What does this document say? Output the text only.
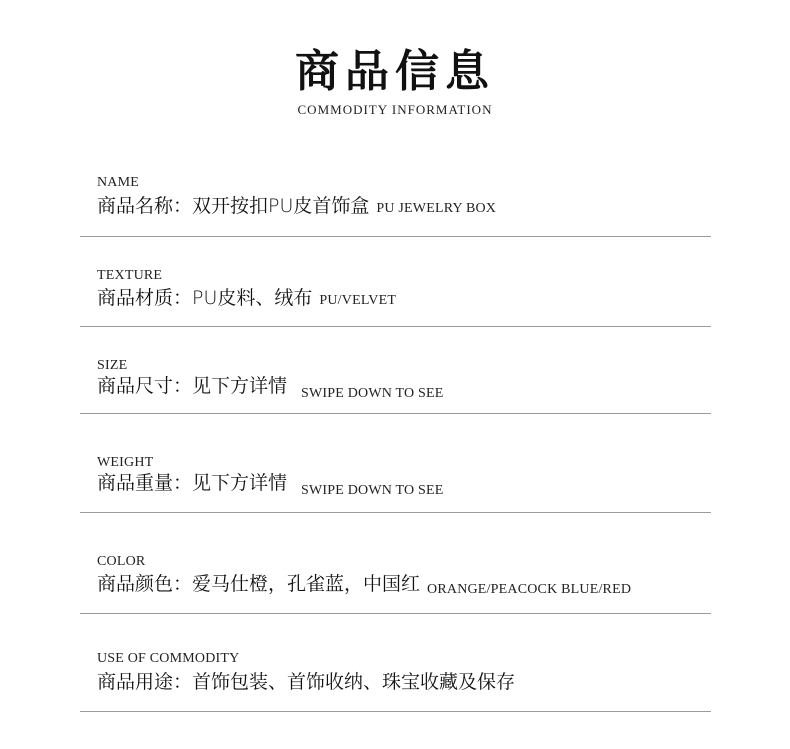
商品信息
COMMODITY INFORMATION
NAME
商品名称：双开按扣PU皮首饰盒 PU JEWELRY BOX
TEXTURE
商品材质：PU皮料、绒布 PU/VELVET
SIZE
商品尺寸：见下方详情 $_{SWIPE DOWN TO SEE}$
WEIGHT
商品重量：见下方详情 $_{SWIPE DOWN TO SEE}$
COLOR
商品颜色：爱马仕橙，孔雀蓝，中国红 ORANGE/PEACOCK BLUE/RED
USE OF COMMODITY
商品用途：首饰包装、首饰收纳、珠宝收藏及保存
